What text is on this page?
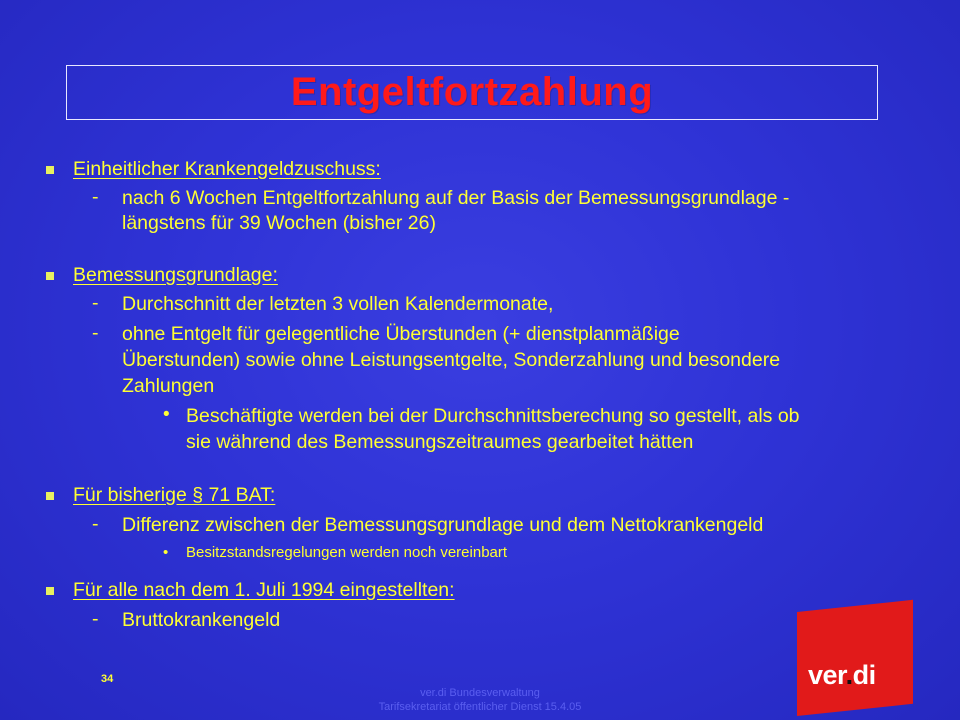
Entgeltfortzahlung
Einheitlicher Krankengeldzuschuss:
- nach 6 Wochen Entgeltfortzahlung auf der Basis der Bemessungsgrundlage -
längstens für 39 Wochen (bisher 26)
Bemessungsgrundlage:
- Durchschnitt der letzten 3 vollen Kalendermonate,
- ohne Entgelt für gelegentliche Überstunden (+ dienstplanmäßige
Überstunden) sowie ohne Leistungsentgelte, Sonderzahlung und besondere
Zahlungen
• Beschäftigte werden bei der Durchschnittsberechung so gestellt, als ob
sie während des Bemessungszeitraumes gearbeitet hätten
Für bisherige § 71 BAT:
- Differenz zwischen der Bemessungsgrundlage und dem Nettokrankengeld
• Besitzstandsregelungen werden noch vereinbart
Für alle nach dem 1. Juli 1994 eingestellten:
- Bruttokrankengeld
34
ver.di Bundesverwaltung
Tarifsekretariat öffentlicher Dienst 15.4.05
ver.di
